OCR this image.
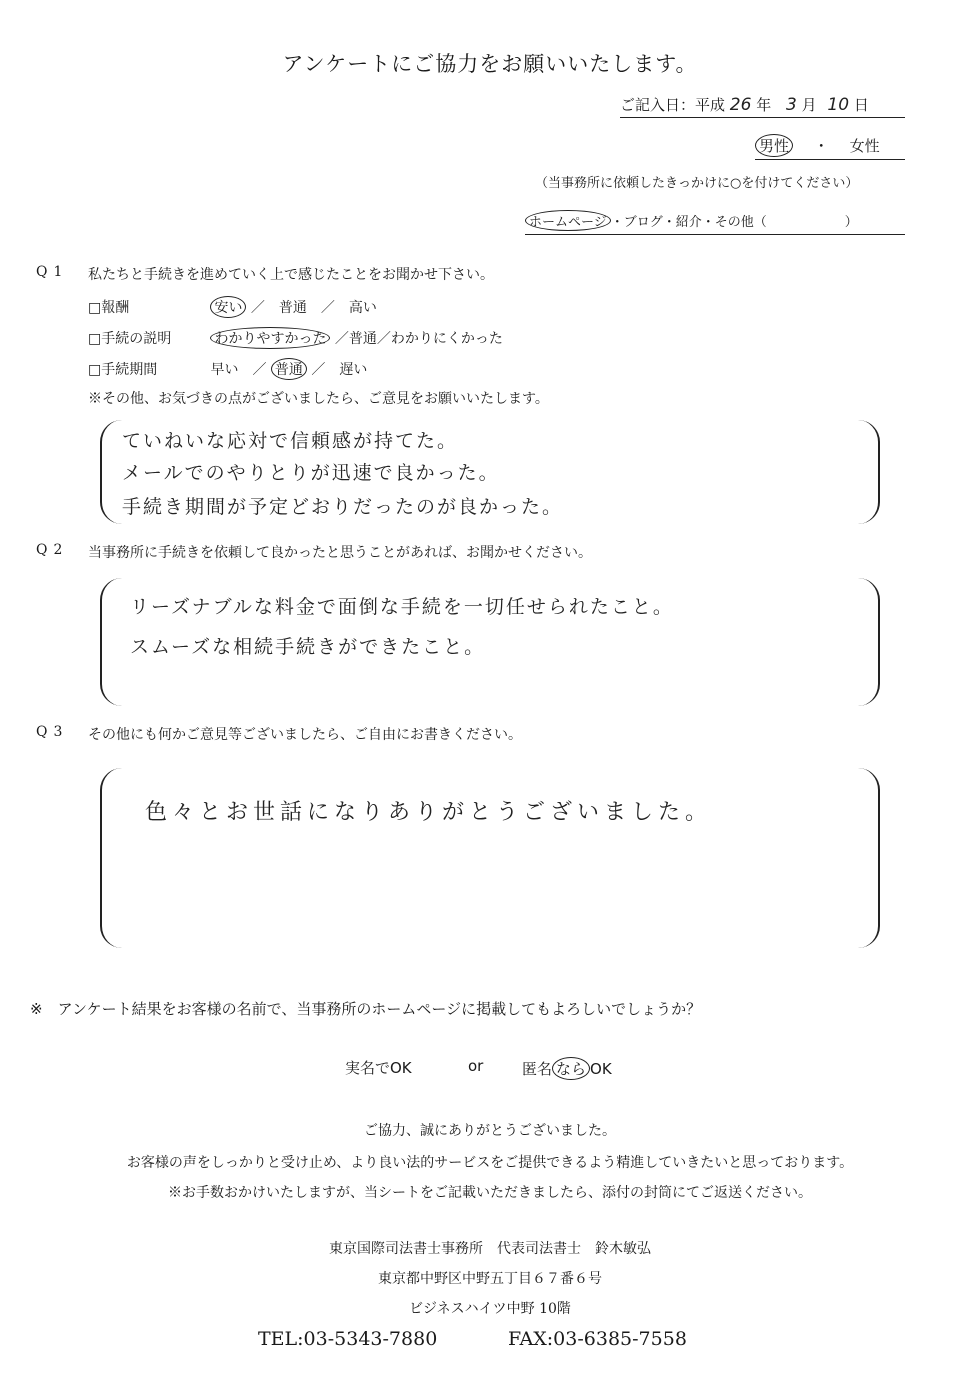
アンケートにご協力をお願いいたします。
ご記入日：平成 26 年 3 月 10 日
男性 ・ 女性
（当事務所に依頼したきっかけに○を付けてください）
ホームページ ・ブログ・紹介・その他（　　　　　　）
Q1 私たちと手続きを進めていく上で感じたことをお聞かせ下さい。
□報酬	安い ／　普通　／　高い
□手続の説明	わかりやすかった ／普通／わかりにくかった
□手続期間	早い　／ 普通 ／　遅い
※その他、お気づきの点がございましたら、ご意見をお願いいたします。
ていねいな応対で信頼感が持てた。
メールでのやりとりが迅速で良かった。
手続き期間が予定どおりだったのが良かった。
Q2 当事務所に手続きを依頼して良かったと思うことがあれば、お聞かせください。
リーズナブルな料金で面倒な手続を一切任せられたこと。
スムーズな相続手続きができたこと。
Q3 その他にも何かご意見等ございましたら、ご自由にお書きください。
色々とお世話になりありがとうございました。
※　アンケート結果をお客様の名前で、当事務所のホームページに掲載してもよろしいでしょうか？
実名でOK	or	匿名 なら OK
ご協力、誠にありがとうございました。
お客様の声をしっかりと受け止め、より良い法的サービスをご提供できるよう精進していきたいと思っております。
※お手数おかけいたしますが、当シートをご記載いただきましたら、添付の封筒にてご返送ください。
東京国際司法書士事務所　代表司法書士　鈴木敏弘
東京都中野区中野五丁目６７番６号
ビジネスハイツ中野 10階
TEL:03-5343-7880	FAX:03-6385-7558
